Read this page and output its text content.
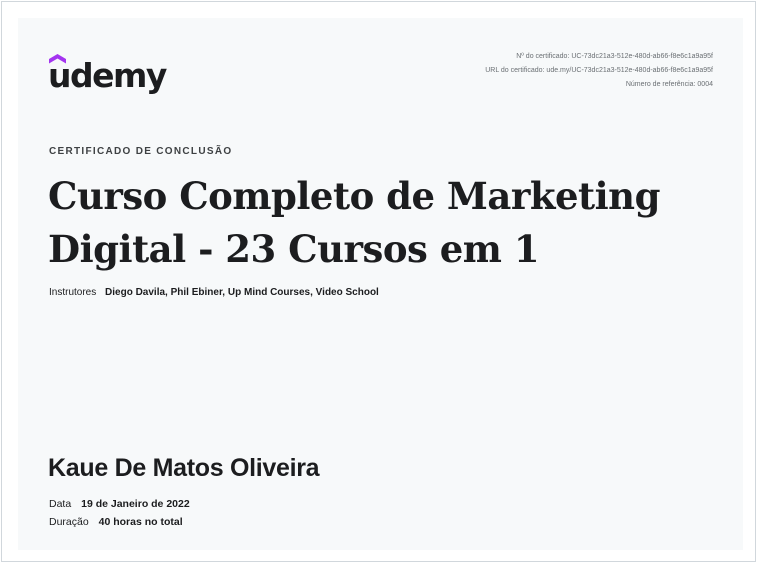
udemy	Nº do certificado: UC-73dc21a3-512e-480d-ab66-f8e6c1a9a95f
URL do certificado: ude.my/UC-73dc21a3-512e-480d-ab66-f8e6c1a9a95f
Número de referência: 0004
CERTIFICADO DE CONCLUSÃO
Curso Completo de Marketing Digital - 23 Cursos em 1
Instrutores Diego Davila, Phil Ebiner, Up Mind Courses, Video School
Kaue De Matos Oliveira
Data 19 de Janeiro de 2022
Duração 40 horas no total
